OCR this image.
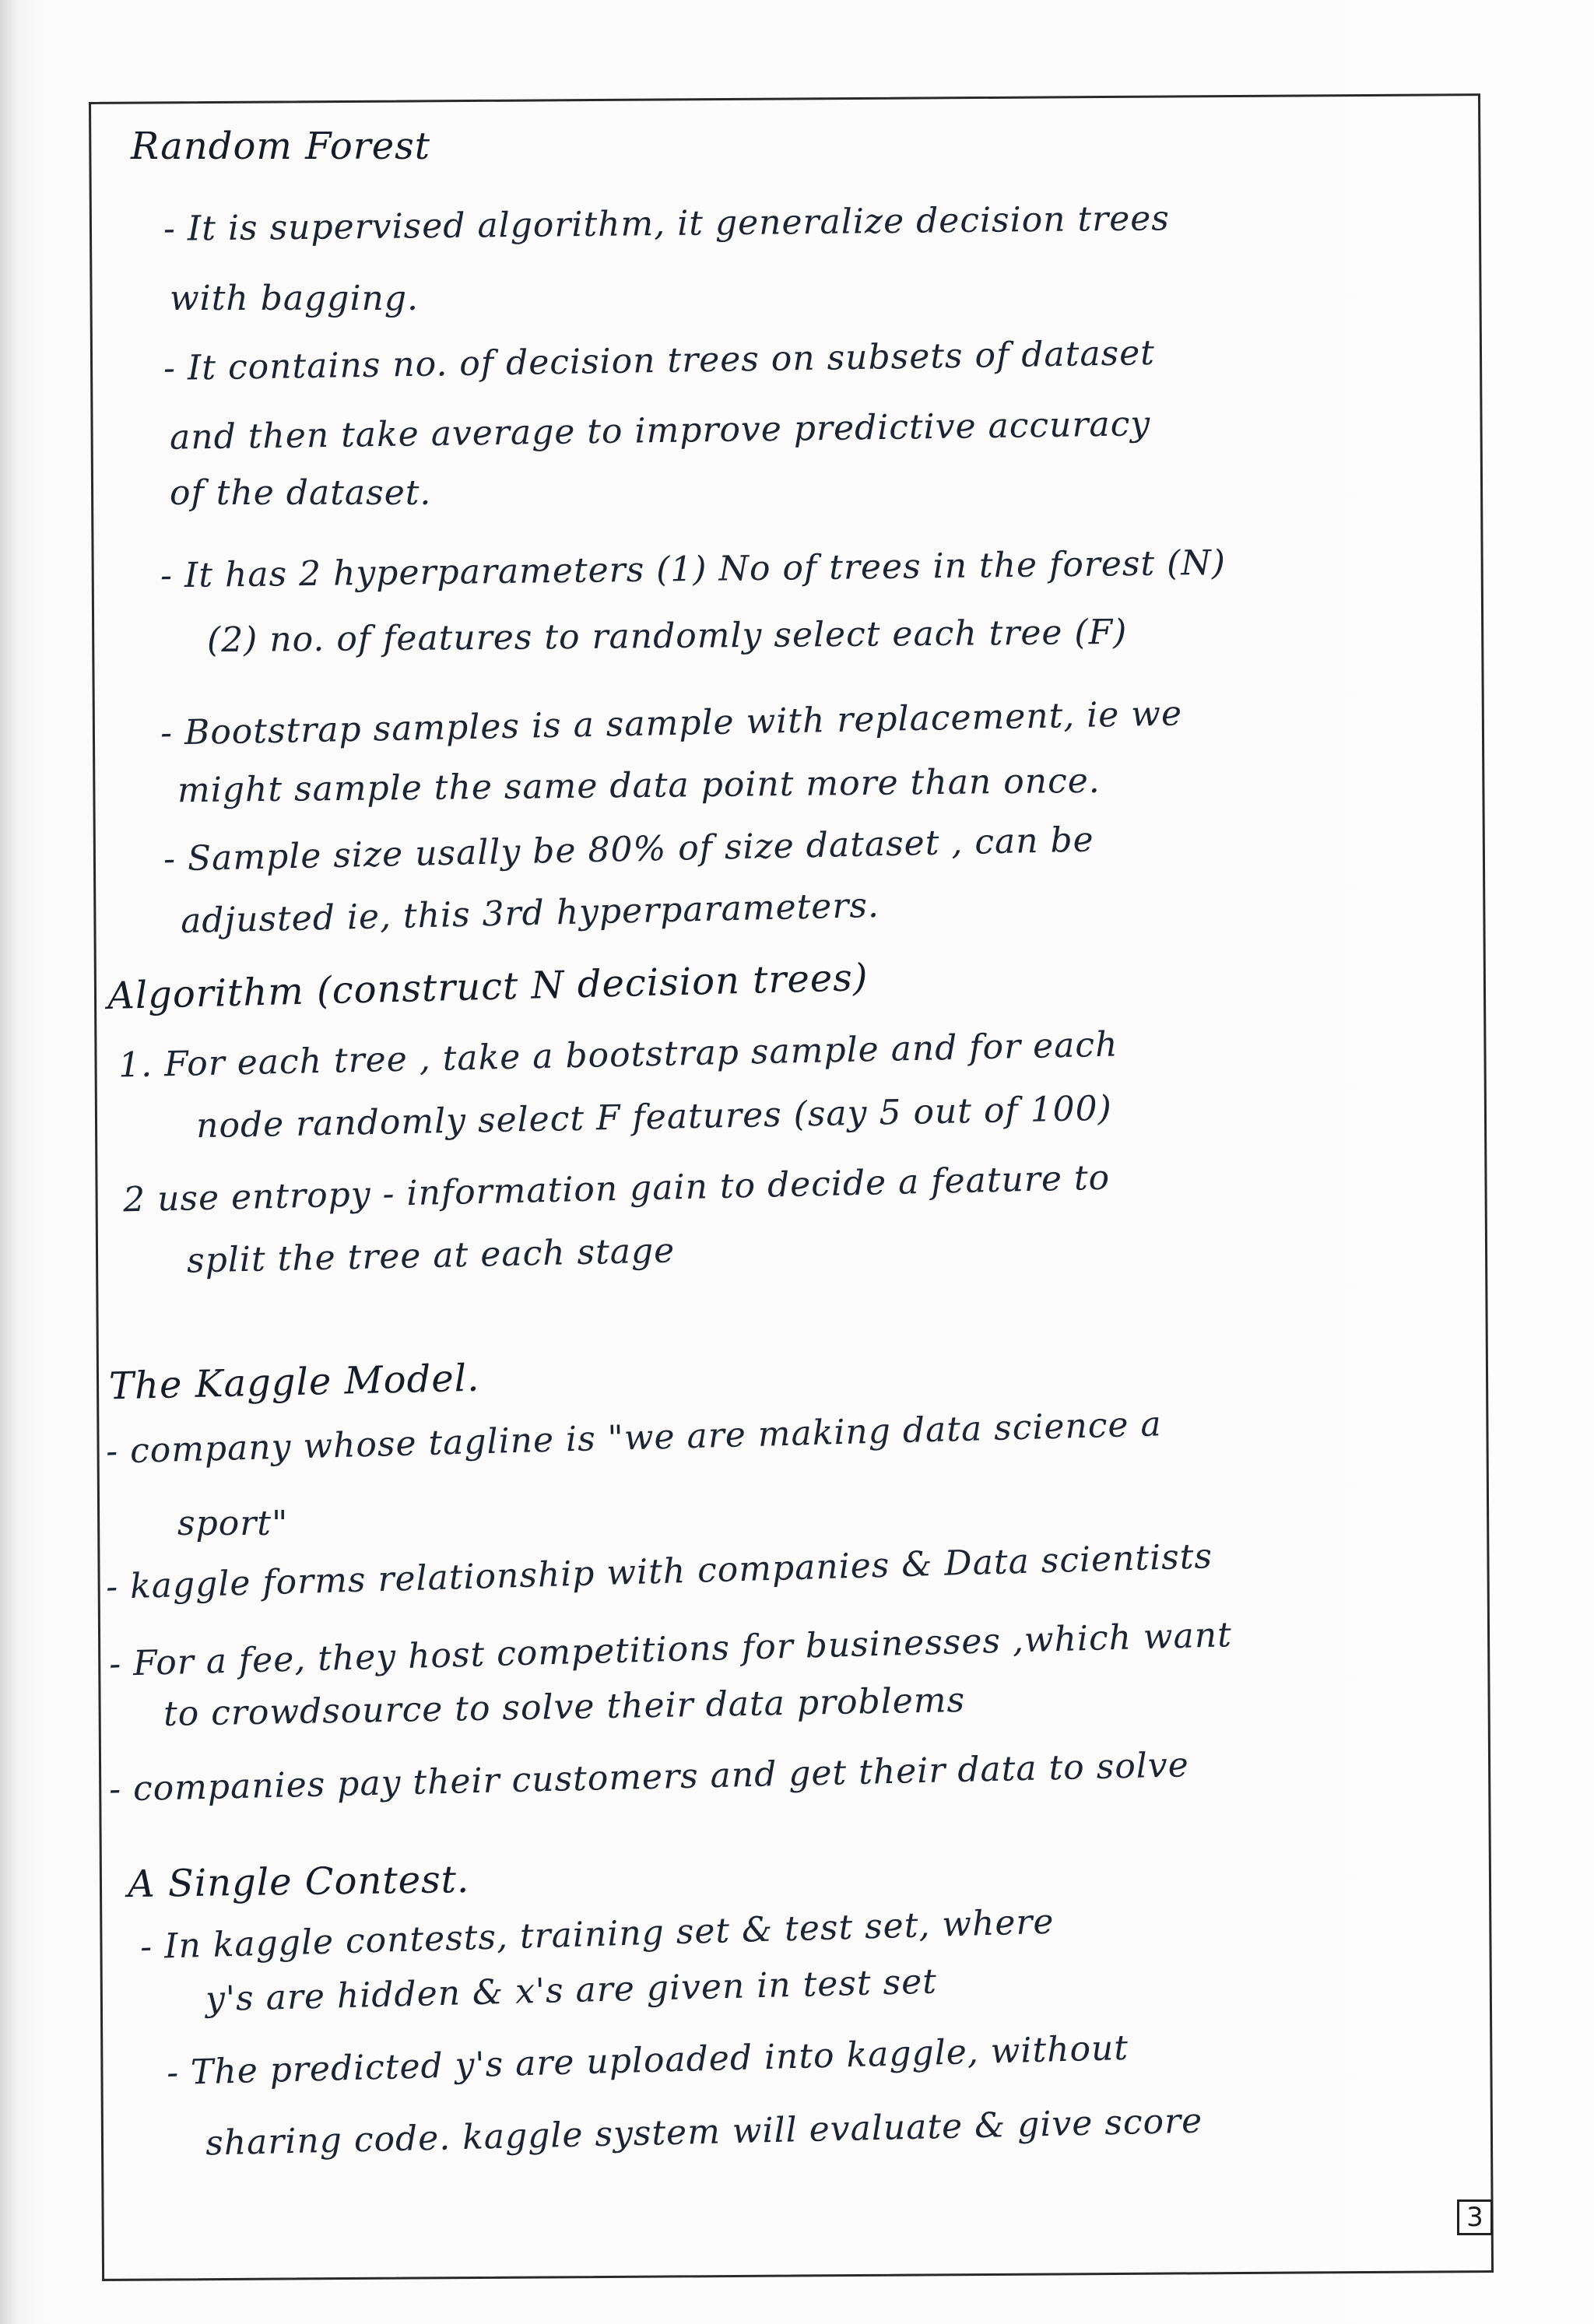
Random Forest
- It is supervised algorithm, it generalize decision trees
with bagging.
- It contains no. of decision trees on subsets of dataset
and then take average to improve predictive accuracy
of the dataset.
- It has 2 hyperparameters (1) No of trees in the forest (N)
(2) no. of features to randomly select each tree (F)
- Bootstrap samples is a sample with replacement, ie we
might sample the same data point more than once.
- Sample size usally be 80% of size dataset , can be
adjusted ie, this 3rd hyperparameters.
Algorithm (construct N decision trees)
1. For each tree , take a bootstrap sample and for each
node randomly select F features (say 5 out of 100)
2 use entropy - information gain to decide a feature to
split the tree at each stage
The Kaggle Model.
- company whose tagline is "we are making data science a
sport"
- kaggle forms relationship with companies & Data scientists
- For a fee, they host competitions for businesses ,which want
to crowdsource to solve their data problems
- companies pay their customers and get their data to solve
A Single Contest.
- In kaggle contests, training set & test set, where
y's are hidden & x's are given in test set
- The predicted y's are uploaded into kaggle, without
sharing code. kaggle system will evaluate & give score
3
